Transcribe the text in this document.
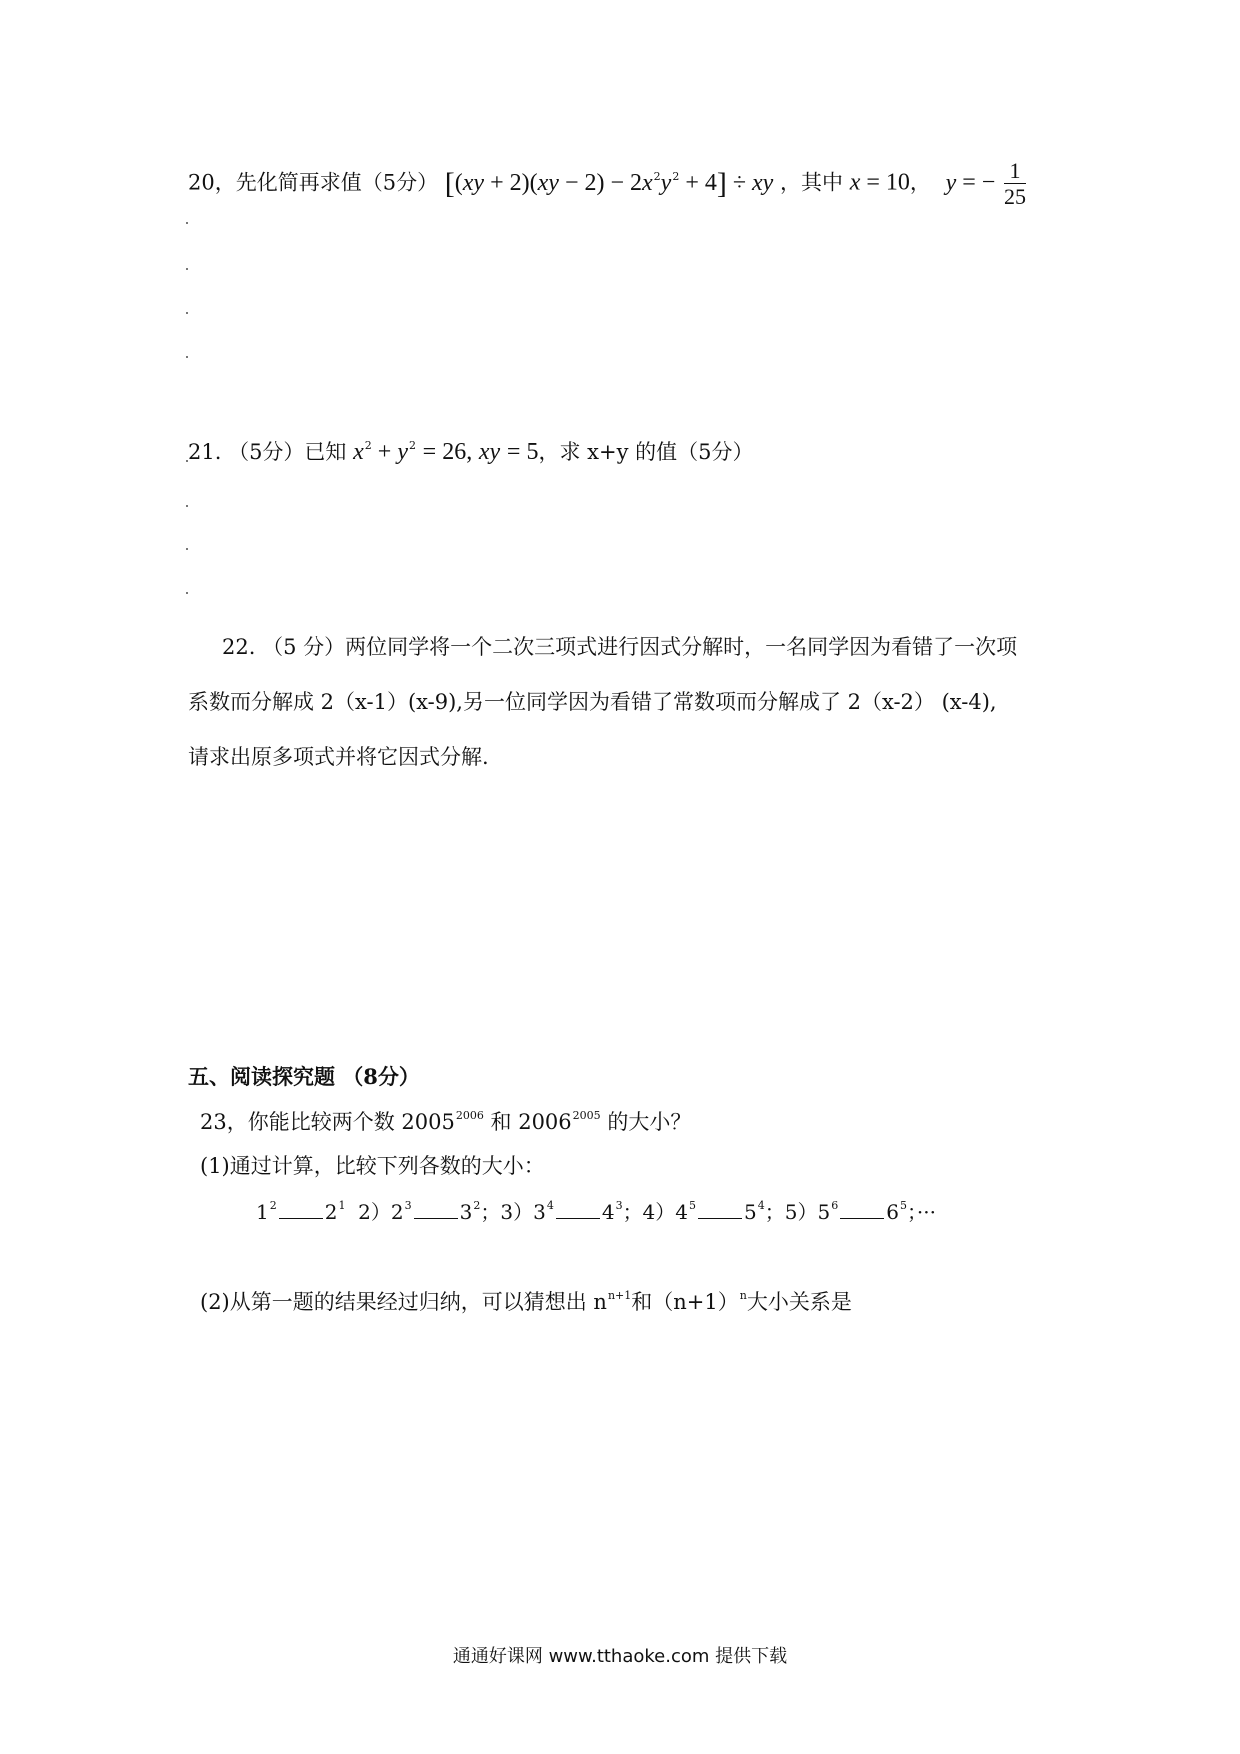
20，先化简再求值（5分） $[(xy + 2)(xy - 2) - 2x^2y^2 + 4]$ ÷ xy ，其中 x = 10， y = − $\frac{1}{25}$
21. （5分）已知 $x^2 + y^2 = 26$, xy = 5，求 x+y 的值（5分）
22. （5 分）两位同学将一个二次三项式进行因式分解时，一名同学因为看错了一次项
系数而分解成 2（x-1）(x-9),另一位同学因为看错了常数项而分解成了 2（x-2） (x-4),
请求出原多项式并将它因式分解.
五、阅读探究题 （8分）
23，你能比较两个数 $2005^{2006}$ 和 $2006^{2005}$ 的大小？
(1)通过计算，比较下列各数的大小：
$1^2$ $2^1$  $2)2^3$ $3^2$；$3)3^4$ $4^3$；$4)4^5$ $5^4$；$5)5^6$ $6^5$；···
(2)从第一题的结果经过归纳，可以猜想出 $n^{n+1}$和$(n+1)^n$大小关系是
通通好课网 www.tthaoke.com 提供下载
